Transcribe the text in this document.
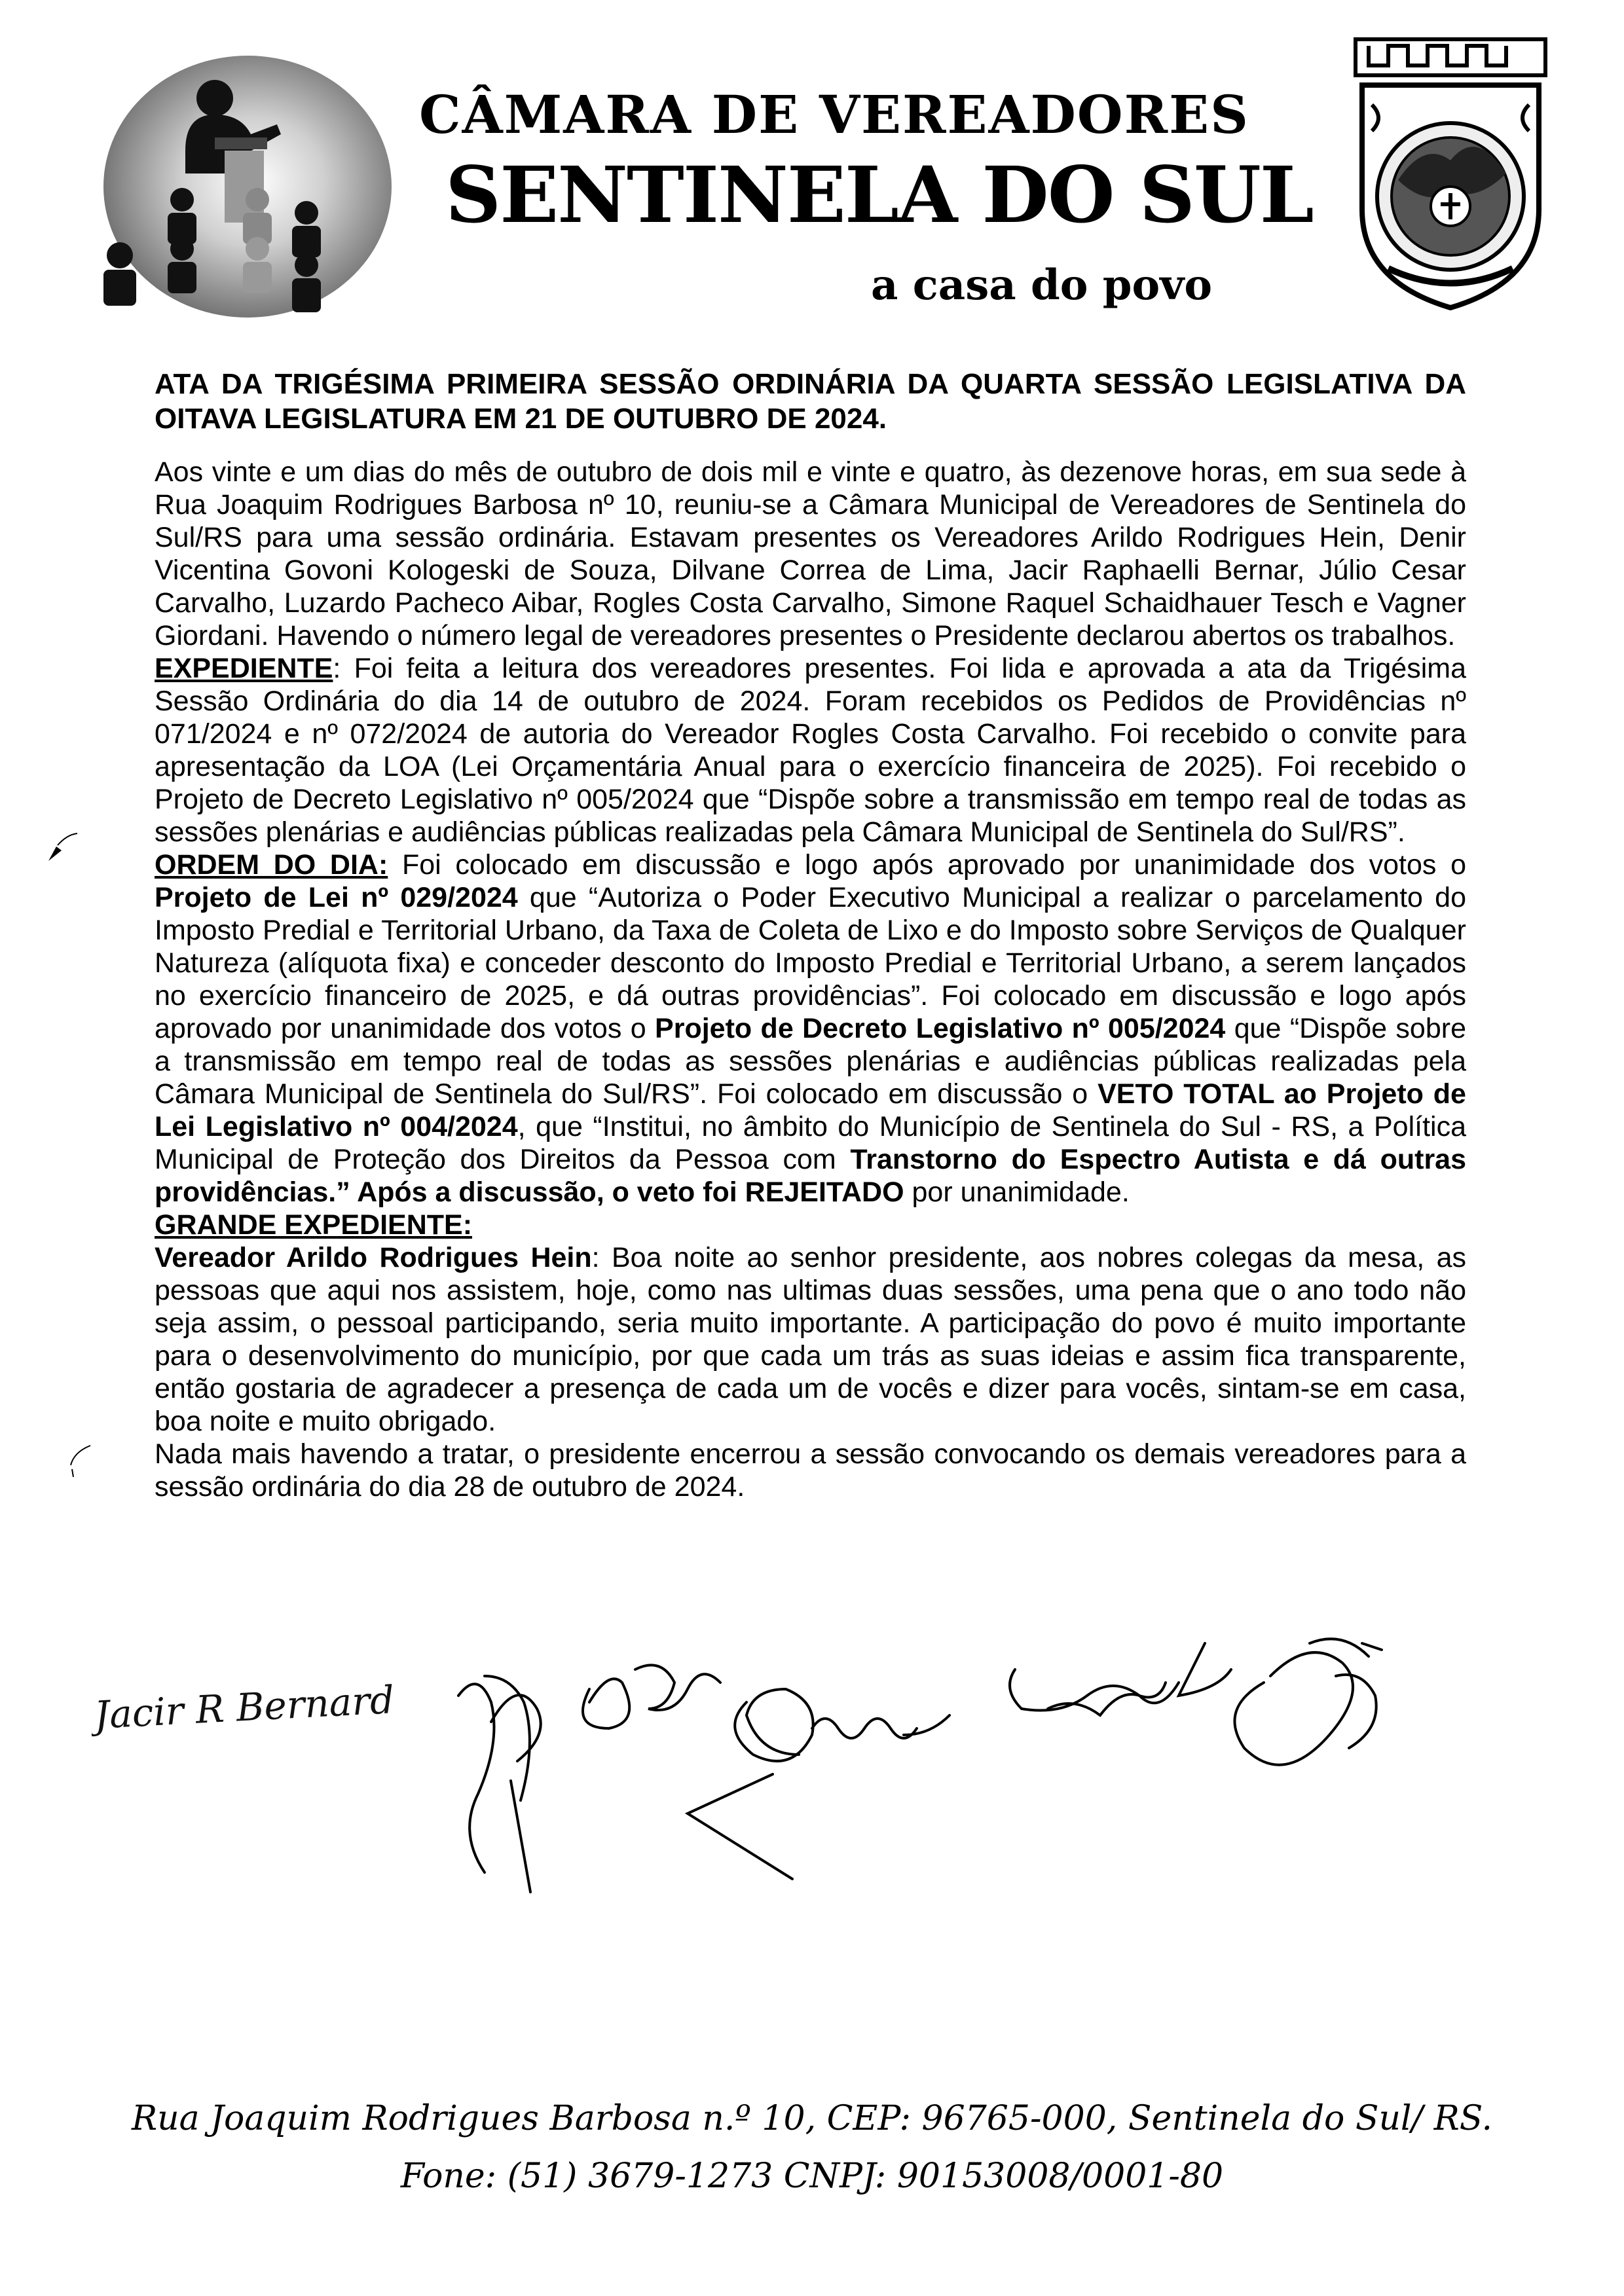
CÂMARA DE VEREADORES
SENTINELA DO SUL
a casa do povo

ATA DA TRIGÉSIMA PRIMEIRA SESSÃO ORDINÁRIA DA QUARTA SESSÃO LEGISLATIVA DA OITAVA LEGISLATURA EM 21 DE OUTUBRO DE 2024.

Aos vinte e um dias do mês de outubro de dois mil e vinte e quatro, às dezenove horas, em sua sede à Rua Joaquim Rodrigues Barbosa nº 10, reuniu-se a Câmara Municipal de Vereadores de Sentinela do Sul/RS para uma sessão ordinária. Estavam presentes os Vereadores Arildo Rodrigues Hein, Denir Vicentina Govoni Kologeski de Souza, Dilvane Correa de Lima, Jacir Raphaelli Bernar, Júlio Cesar Carvalho, Luzardo Pacheco Aibar, Rogles Costa Carvalho, Simone Raquel Schaidhauer Tesch e Vagner Giordani. Havendo o número legal de vereadores presentes o Presidente declarou abertos os trabalhos.

EXPEDIENTE: Foi feita a leitura dos vereadores presentes. Foi lida e aprovada a ata da Trigésima Sessão Ordinária do dia 14 de outubro de 2024. Foram recebidos os Pedidos de Providências nº 071/2024 e nº 072/2024 de autoria do Vereador Rogles Costa Carvalho. Foi recebido o convite para apresentação da LOA (Lei Orçamentária Anual para o exercício financeira de 2025). Foi recebido o Projeto de Decreto Legislativo nº 005/2024 que “Dispõe sobre a transmissão em tempo real de todas as sessões plenárias e audiências públicas realizadas pela Câmara Municipal de Sentinela do Sul/RS”.

ORDEM DO DIA: Foi colocado em discussão e logo após aprovado por unanimidade dos votos o Projeto de Lei nº 029/2024 que “Autoriza o Poder Executivo Municipal a realizar o parcelamento do Imposto Predial e Territorial Urbano, da Taxa de Coleta de Lixo e do Imposto sobre Serviços de Qualquer Natureza (alíquota fixa) e conceder desconto do Imposto Predial e Territorial Urbano, a serem lançados no exercício financeiro de 2025, e dá outras providências”. Foi colocado em discussão e logo após aprovado por unanimidade dos votos o Projeto de Decreto Legislativo nº 005/2024 que “Dispõe sobre a transmissão em tempo real de todas as sessões plenárias e audiências públicas realizadas pela Câmara Municipal de Sentinela do Sul/RS”. Foi colocado em discussão o VETO TOTAL ao Projeto de Lei Legislativo nº 004/2024, que “Institui, no âmbito do Município de Sentinela do Sul - RS, a Política Municipal de Proteção dos Direitos da Pessoa com Transtorno do Espectro Autista e dá outras providências.” Após a discussão, o veto foi REJEITADO por unanimidade.

GRANDE EXPEDIENTE:

Vereador Arildo Rodrigues Hein: Boa noite ao senhor presidente, aos nobres colegas da mesa, as pessoas que aqui nos assistem, hoje, como nas ultimas duas sessões, uma pena que o ano todo não seja assim, o pessoal participando, seria muito importante. A participação do povo é muito importante para o desenvolvimento do município, por que cada um trás as suas ideias e assim fica transparente, então gostaria de agradecer a presença de cada um de vocês e dizer para vocês, sintam-se em casa, boa noite e muito obrigado.

Nada mais havendo a tratar, o presidente encerrou a sessão convocando os demais vereadores para a sessão ordinária do dia 28 de outubro de 2024.

Jacir R Bernard
Rua Joaquim Rodrigues Barbosa n.º 10, CEP: 96765-000, Sentinela do Sul/ RS.
Fone: (51) 3679-1273 CNPJ: 90153008/0001-80
